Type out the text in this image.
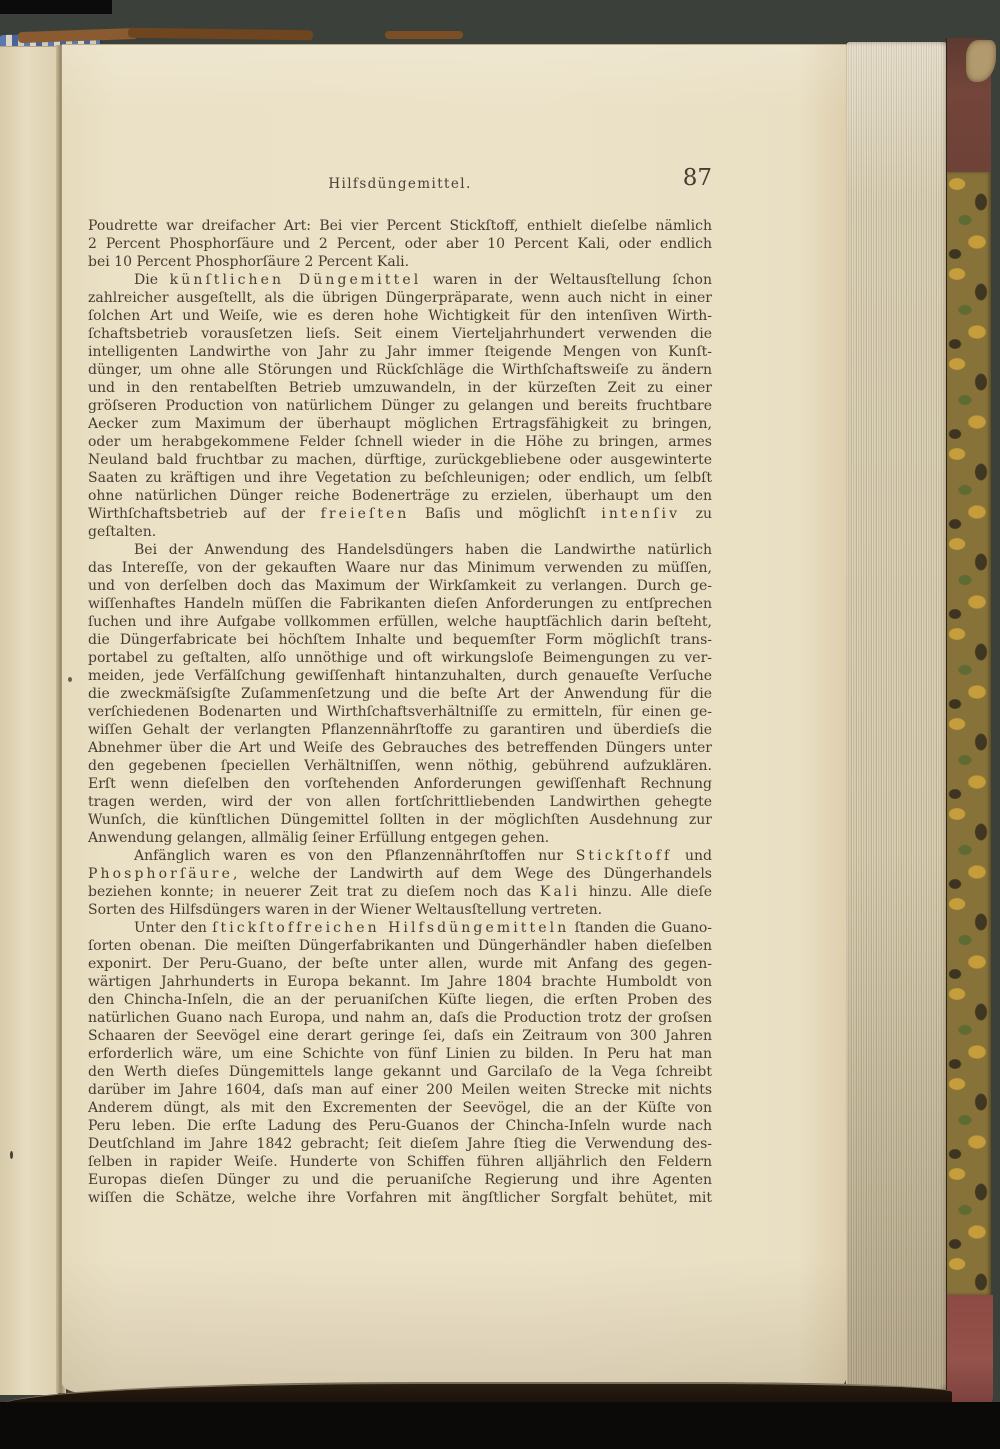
Hilfsdüngemittel.	87
Poudrette war dreifacher Art: Bei vier Percent Stickſtoff, enthielt dieſelbe nämlich
2 Percent Phosphorſäure und 2 Percent, oder aber 10 Percent Kali, oder endlich
bei 10 Percent Phosphorſäure 2 Percent Kali.
Die künſtlichen Düngemittel waren in der Weltausſtellung ſchon
zahlreicher ausgeſtellt, als die übrigen Düngerpräparate, wenn auch nicht in einer
ſolchen Art und Weiſe, wie es deren hohe Wichtigkeit für den intenſiven Wirth-
ſchaftsbetrieb vorausſetzen lieſs. Seit einem Vierteljahrhundert verwenden die
intelligenten Landwirthe von Jahr zu Jahr immer ſteigende Mengen von Kunſt-
dünger, um ohne alle Störungen und Rückſchläge die Wirthſchaftsweiſe zu ändern
und in den rentabelſten Betrieb umzuwandeln, in der kürzeſten Zeit zu einer
gröſseren Production von natürlichem Dünger zu gelangen und bereits fruchtbare
Aecker zum Maximum der überhaupt möglichen Ertragsfähigkeit zu bringen,
oder um herabgekommene Felder ſchnell wieder in die Höhe zu bringen, armes
Neuland bald fruchtbar zu machen, dürftige, zurückgebliebene oder ausgewinterte
Saaten zu kräftigen und ihre Vegetation zu beſchleunigen; oder endlich, um ſelbſt
ohne natürlichen Dünger reiche Bodenerträge zu erzielen, überhaupt um den
Wirthſchaftsbetrieb auf der freieſten Baſis und möglichſt intenſiv zu
geſtalten.
Bei der Anwendung des Handelsdüngers haben die Landwirthe natürlich
das Intereſſe, von der gekauften Waare nur das Minimum verwenden zu müſſen,
und von derſelben doch das Maximum der Wirkſamkeit zu verlangen. Durch ge-
wiſſenhaftes Handeln müſſen die Fabrikanten dieſen Anforderungen zu entſprechen
ſuchen und ihre Aufgabe vollkommen erfüllen, welche hauptſächlich darin beſteht,
die Düngerfabricate bei höchſtem Inhalte und bequemſter Form möglichſt trans-
portabel zu geſtalten, alſo unnöthige und oft wirkungsloſe Beimengungen zu ver-
meiden, jede Verfälſchung gewiſſenhaft hintanzuhalten, durch genaueſte Verſuche
die zweckmäſsigſte Zuſammenſetzung und die beſte Art der Anwendung für die
verſchiedenen Bodenarten und Wirthſchaftsverhältniſſe zu ermitteln, für einen ge-
wiſſen Gehalt der verlangten Pflanzennährſtoffe zu garantiren und überdieſs die
Abnehmer über die Art und Weiſe des Gebrauches des betreffenden Düngers unter
den gegebenen ſpeciellen Verhältniſſen, wenn nöthig, gebührend aufzuklären.
Erſt wenn dieſelben den vorſtehenden Anforderungen gewiſſenhaft Rechnung
tragen werden, wird der von allen fortſchrittliebenden Landwirthen gehegte
Wunſch, die künſtlichen Düngemittel ſollten in der möglichſten Ausdehnung zur
Anwendung gelangen, allmälig ſeiner Erfüllung entgegen gehen.
Anfänglich waren es von den Pflanzennährſtoffen nur Stickſtoff und
Phosphorſäure, welche der Landwirth auf dem Wege des Düngerhandels
beziehen konnte; in neuerer Zeit trat zu dieſem noch das Kali hinzu. Alle dieſe
Sorten des Hilfsdüngers waren in der Wiener Weltausſtellung vertreten.
Unter den ſtickſtoffreichen Hilfsdüngemitteln ſtanden die Guano-
ſorten obenan. Die meiſten Düngerfabrikanten und Düngerhändler haben dieſelben
exponirt. Der Peru-Guano, der beſte unter allen, wurde mit Anfang des gegen-
wärtigen Jahrhunderts in Europa bekannt. Im Jahre 1804 brachte Humboldt von
den Chincha-Inſeln, die an der peruaniſchen Küſte liegen, die erſten Proben des
natürlichen Guano nach Europa, und nahm an, daſs die Production trotz der groſsen
Schaaren der Seevögel eine derart geringe ſei, daſs ein Zeitraum von 300 Jahren
erforderlich wäre, um eine Schichte von fünf Linien zu bilden. In Peru hat man
den Werth dieſes Düngemittels lange gekannt und Garcilaſo de la Vega ſchreibt
darüber im Jahre 1604, daſs man auf einer 200 Meilen weiten Strecke mit nichts
Anderem düngt, als mit den Excrementen der Seevögel, die an der Küſte von
Peru leben. Die erſte Ladung des Peru-Guanos der Chincha-Inſeln wurde nach
Deutſchland im Jahre 1842 gebracht; ſeit dieſem Jahre ſtieg die Verwendung des-
ſelben in rapider Weiſe. Hunderte von Schiffen führen alljährlich den Feldern
Europas dieſen Dünger zu und die peruaniſche Regierung und ihre Agenten
wiſſen die Schätze, welche ihre Vorfahren mit ängſtlicher Sorgfalt behütet, mit
